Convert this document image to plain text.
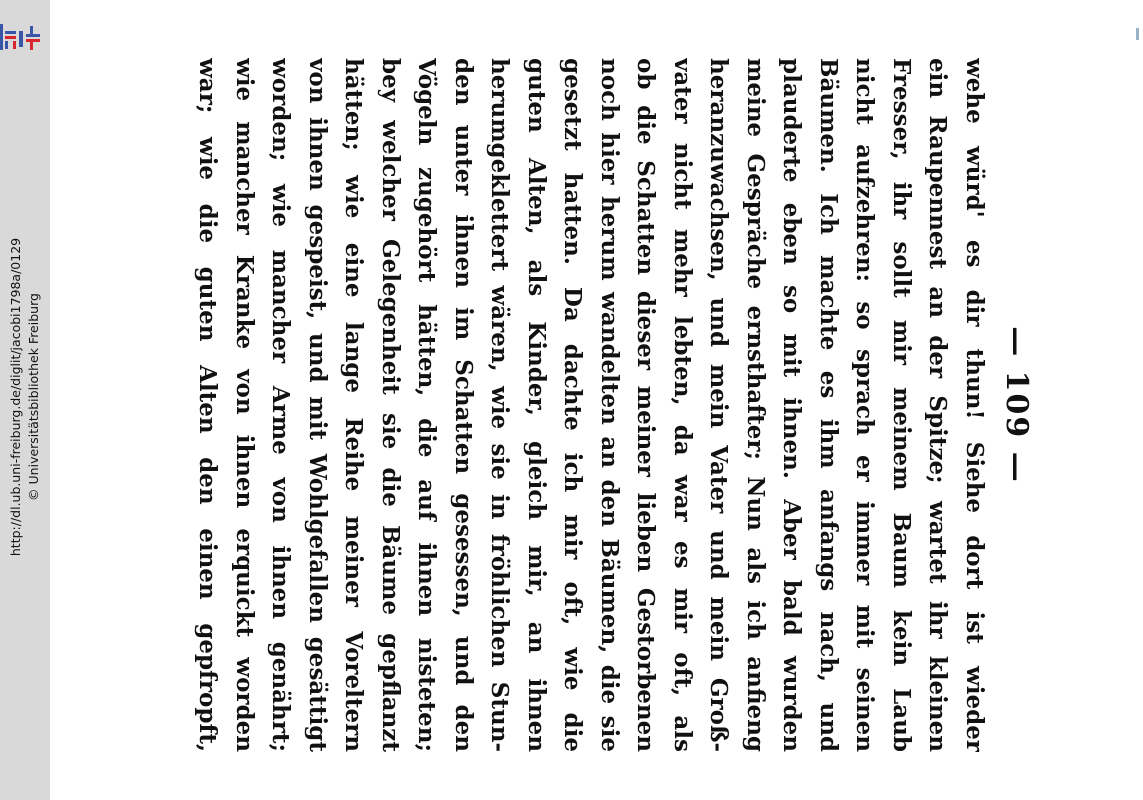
http://dl.ub.uni-freiburg.de/diglit/jacobi1798a/0129 © Universitätsbibliothek Freiburg	— 109 —
wehe würd' es dir thun! Siehe dort ist wieder
ein Raupennest an der Spitze; wartet ihr kleinen
Fresser, ihr sollt mir meinem Baum kein Laub
nicht aufzehren: so sprach er immer mit seinen
Bäumen. Ich machte es ihm anfangs nach, und
plauderte eben so mit ihnen. Aber bald wurden
meine Gespräche ernsthafter; Nun als ich anfieng
heranzuwachsen, und mein Vater und mein Groß-
vater nicht mehr lebten, da war es mir oft, als
ob die Schatten dieser meiner lieben Gestorbenen
noch hier herum wandelten an den Bäumen, die sie
gesetzt hatten. Da dachte ich mir oft, wie die
guten Alten, als Kinder, gleich mir, an ihnen
herumgeklettert wären, wie sie in fröhlichen Stun-
den unter ihnen im Schatten gesessen, und den
Vögeln zugehört hätten, die auf ihnen nisteten;
bey welcher Gelegenheit sie die Bäume gepflanzt
hätten; wie eine lange Reihe meiner Voreltern
von ihnen gespeist, und mit Wohlgefallen gesättigt
worden; wie mancher Arme von ihnen genährt;
wie mancher Kranke von ihnen erquickt worden
war; wie die guten Alten den einen gepfropft,
